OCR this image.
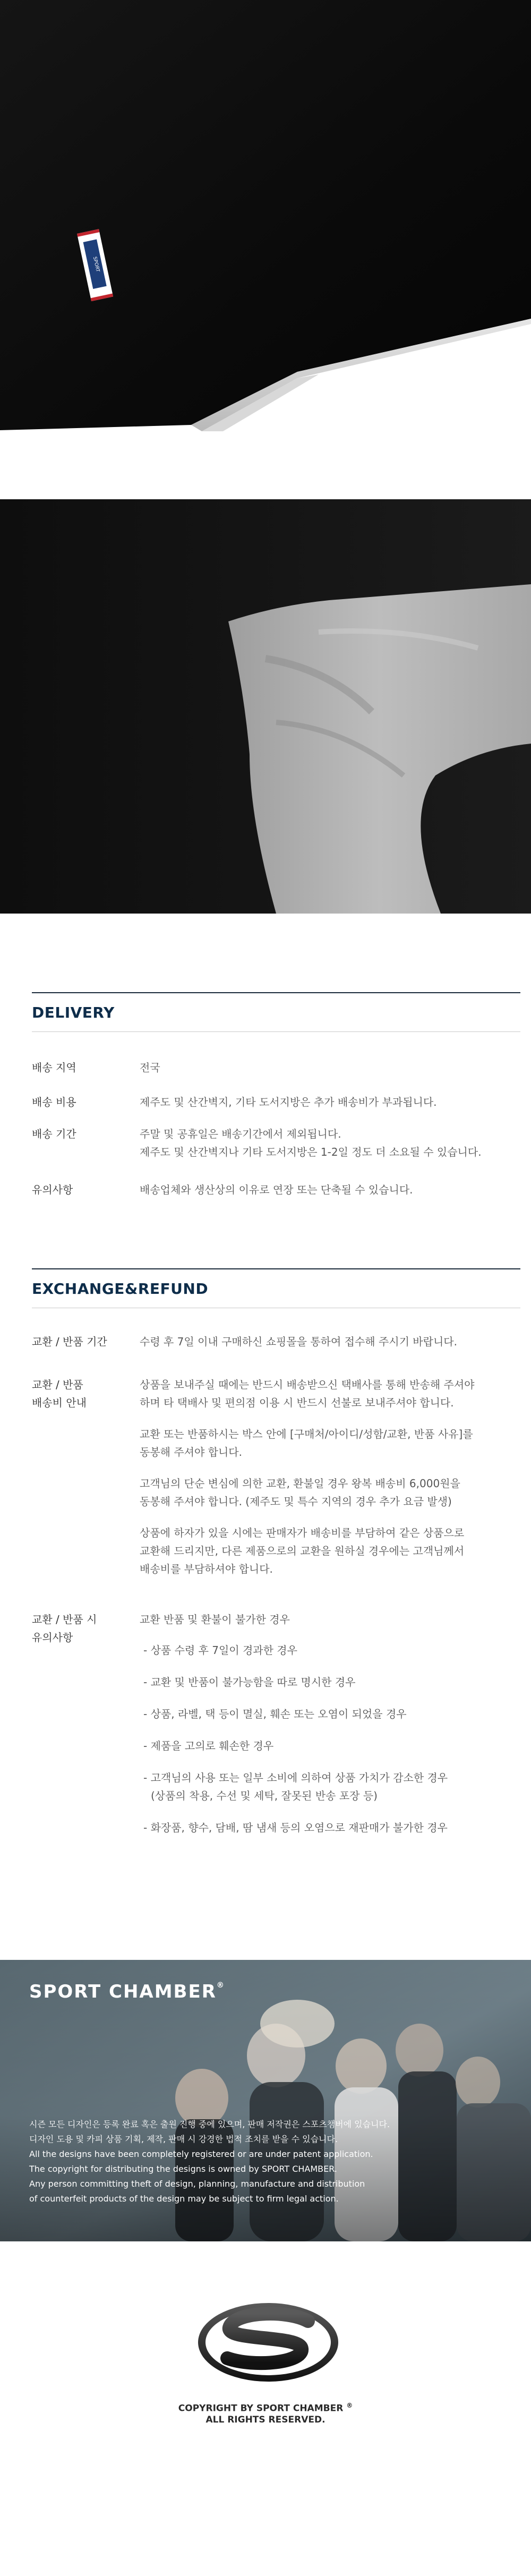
SPORT
DELIVERY
배송 지역	전국

배송 비용	제주도 및 산간벽지, 기타 도서지방은 추가 배송비가 부과됩니다.

배송 기간	주말 및 공휴일은 배송기간에서 제외됩니다.

제주도 및 산간벽지나 기타 도서지방은 1-2일 정도 더 소요될 수 있습니다.

유의사항	배송업체와 생산상의 이유로 연장 또는 단축될 수 있습니다.

EXCHANGE&REFUND
교환 / 반품 기간	수령 후 7일 이내 구매하신 쇼핑몰을 통하여 접수해 주시기 바랍니다.

교환 / 반품
배송비 안내

상품을 보내주실 때에는 반드시 배송받으신 택배사를 통해 반송해 주셔야

하며 타 택배사 및 편의점 이용 시 반드시 선불로 보내주셔야 합니다.

교환 또는 반품하시는 박스 안에 [구매처/아이디/성함/교환, 반품 사유]를

동봉해 주셔야 합니다.

고객님의 단순 변심에 의한 교환, 환불일 경우 왕복 배송비 6,000원을

동봉해 주셔야 합니다. (제주도 및 특수 지역의 경우 추가 요금 발생)

상품에 하자가 있을 시에는 판매자가 배송비를 부담하여 같은 상품으로

교환해 드리지만, 다른 제품으로의 교환을 원하실 경우에는 고객님께서

배송비를 부담하셔야 합니다.

교환 / 반품 시
유의사항
교환 반품 및 환불이 불가한 경우
- 상품 수령 후 7일이 경과한 경우
- 교환 및 반품이 불가능함을 따로 명시한 경우
- 상품, 라벨, 택 등이 멸실, 훼손 또는 오염이 되었을 경우
- 제품을 고의로 훼손한 경우

- 고객님의 사용 또는 일부 소비에 의하여 상품 가치가 감소한 경우

(상품의 착용, 수선 및 세탁, 잘못된 반송 포장 등)

- 화장품, 향수, 담배, 땀 냄새 등의 오염으로 재판매가 불가한 경우
SPORT CHAMBER®

시즌 모든 디자인은 등록 완료 혹은 출원 진행 중에 있으며, 판매 저작권은 스포츠챔버에 있습니다.

디자인 도용 및 카피 상품 기획, 제작, 판매 시 강경한 법적 조치를 받을 수 있습니다.

All the designs have been completely registered or are under patent application.

The copyright for distributing the designs is owned by SPORT CHAMBER.

Any person committing theft of design, planning, manufacture and distribution

of counterfeit products of the design may be subject to firm legal action.

COPYRIGHT BY SPORT CHAMBER ®
ALL RIGHTS RESERVED.
